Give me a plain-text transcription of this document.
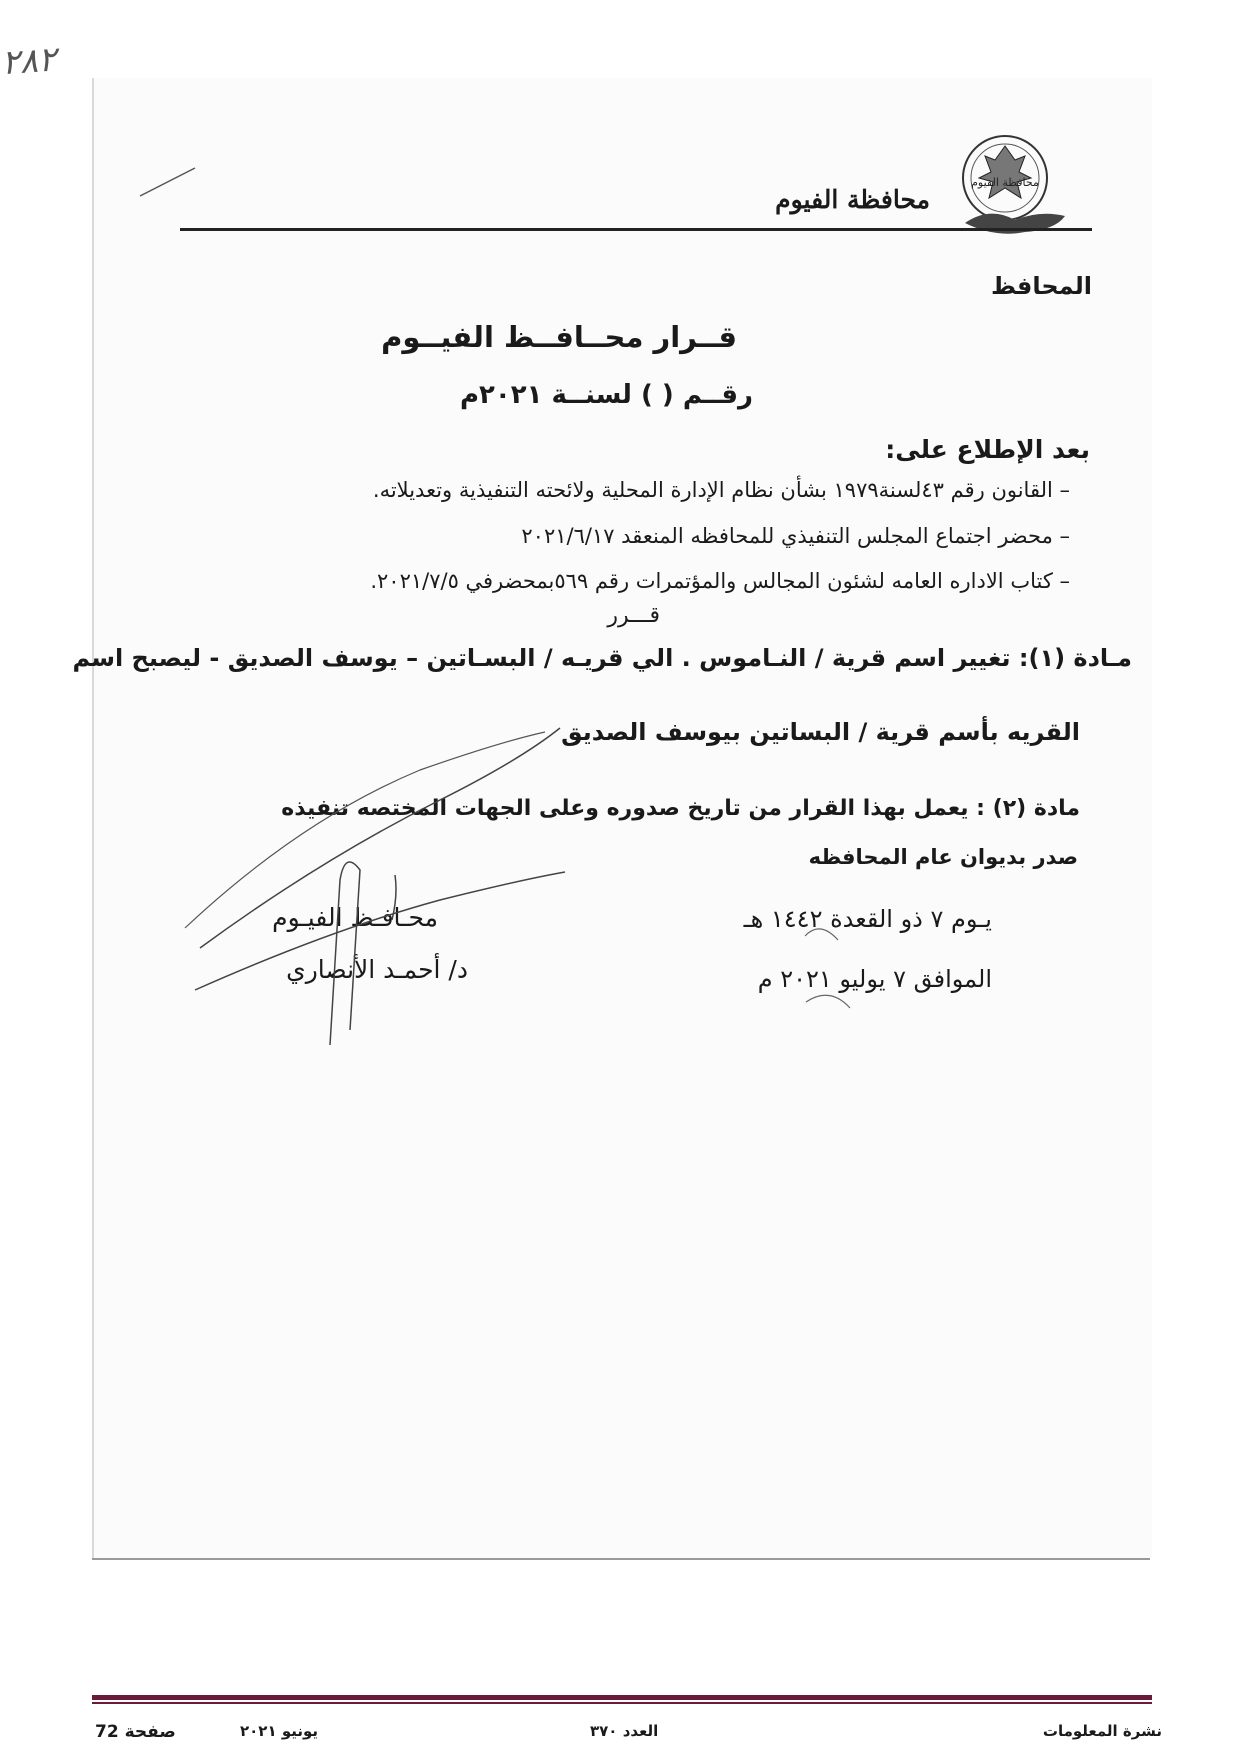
محافظة الفيوم
محافظة الفيوم
المحافظ
قــرار محــافــظ الفيــوم
٢٨٢
رقــم ( ) لسنــة ٢٠٢١م
بعد الإطلاع على:
– القانون رقم ٤٣لسنة١٩٧٩ بشأن نظام الإدارة المحلية ولائحته التنفيذية وتعديلاته.
– محضر اجتماع المجلس التنفيذي للمحافظه المنعقد ٢٠٢١/٦/١٧
– كتاب الاداره العامه لشئون المجالس والمؤتمرات رقم ٥٦٩بمحضرفي ٢٠٢١/٧/٥.
قـــرر
مـادة (١): تغيير اسم قرية / النـاموس . الي قريـه / البسـاتين – يوسف الصديق - ليصبح اسم
القريه بأسم قرية / البساتين بيوسف الصديق
مادة (٢) : يعمل بهذا القرار من تاريخ صدوره وعلى الجهات المختصه تنفيذه
صدر بديوان عام المحافظه
محـافـظ الفيـوم
د/ أحمـد الأنصاري
يـوم ٧ ذو القعدة ١٤٤٢ هـ
الموافق ٧ يوليو ٢٠٢١ م
نشرة المعلومات
العدد ٣٧٠
يونيو ٢٠٢١
صفحة 72
